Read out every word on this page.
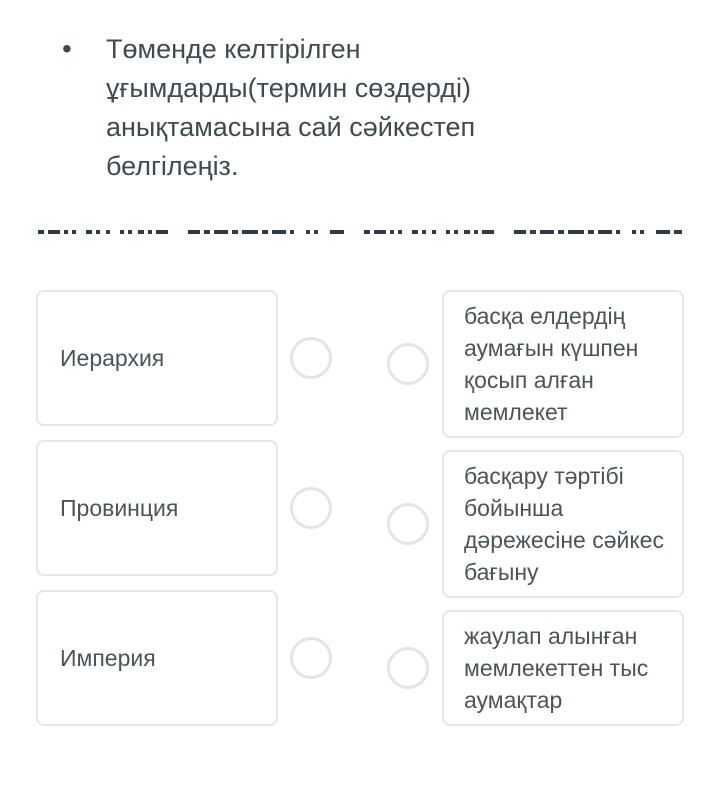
•	Төменде келтірілген ұғымдарды(термин сөздерді) анықтамасына сай сәйкестеп белгілеңіз.
Иерархия
Провинция
Империя
басқа елдердің аумағын күшпен қосып алған мемлекет
басқару тәртібі бойынша дәрежесіне сәйкес бағыну
жаулап алынған мемлекеттен тыс аумақтар
